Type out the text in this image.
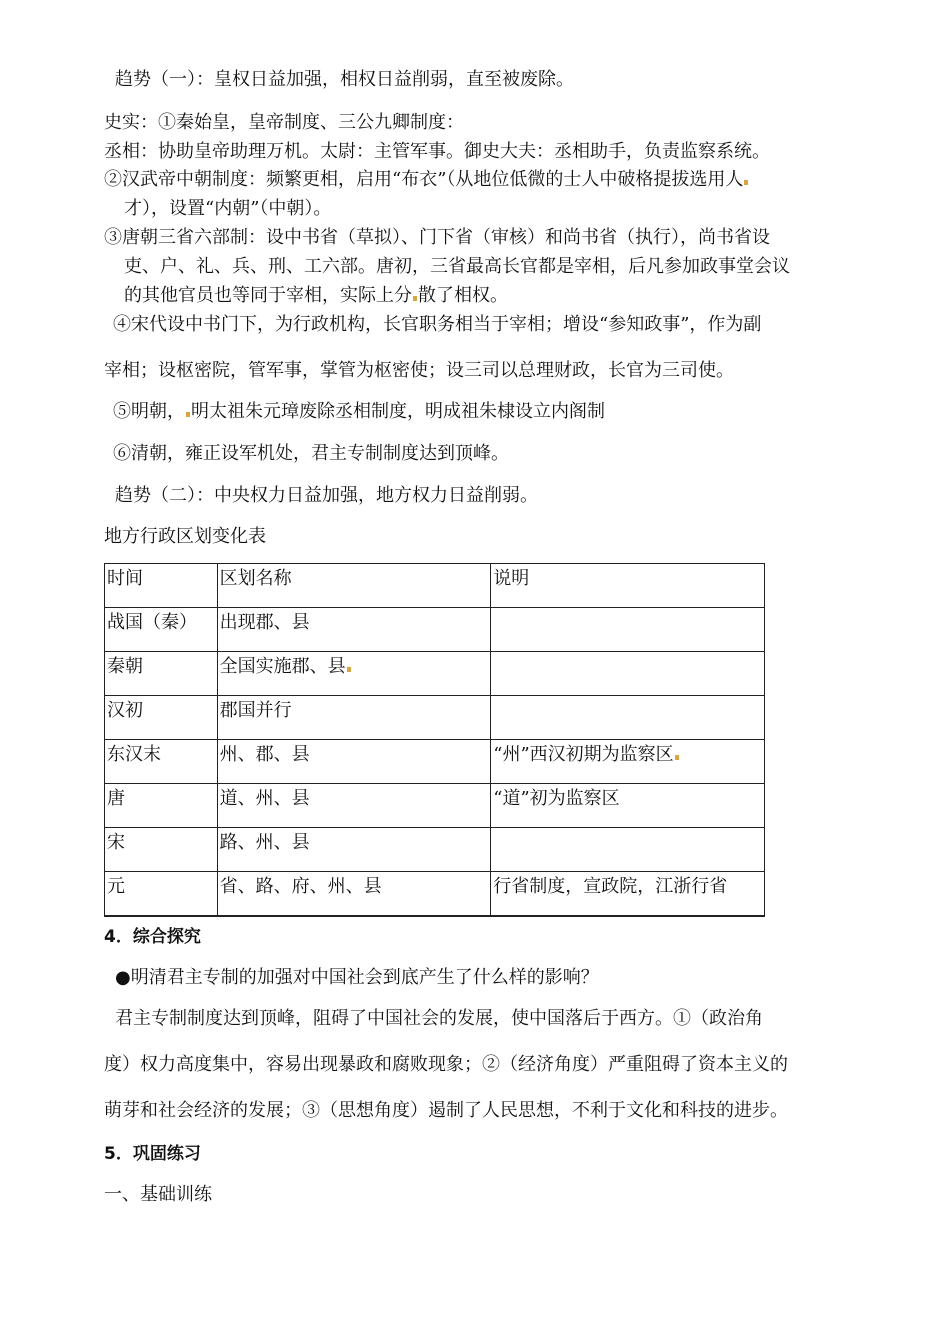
趋势（一）：皇权日益加强，相权日益削弱，直至被废除。
史实：①秦始皇，皇帝制度、三公九卿制度：
丞相：协助皇帝助理万机。太尉：主管军事。御史大夫：丞相助手，负责监察系统。
②汉武帝中朝制度：频繁更相，启用“布衣”（从地位低微的士人中破格提拔选用人
才），设置“内朝”（中朝）。
③唐朝三省六部制：设中书省（草拟）、门下省（审核）和尚书省（执行），尚书省设
吏、户、礼、兵、刑、工六部。唐初，三省最高长官都是宰相，后凡参加政事堂会议
的其他官员也等同于宰相，实际上分 散了相权。
④宋代设中书门下，为行政机构，长官职务相当于宰相；增设“参知政事”，作为副
宰相；设枢密院，管军事，掌管为枢密使；设三司以总理财政，长官为三司使。
⑤明朝， 明太祖朱元璋废除丞相制度，明成祖朱棣设立内阁制
⑥清朝，雍正设军机处，君主专制制度达到顶峰。
趋势（二）：中央权力日益加强，地方权力日益削弱。
地方行政区划变化表
时间	区划名称	说明
战国（秦）	出现郡、县	
秦朝	全国实施郡、县	
汉初	郡国并行	
东汉末	州、郡、县	“州”西汉初期为监察区
唐	道、州、县	“道”初为监察区
宋	路、州、县	
元	省、路、府、州、县	行省制度，宣政院，江浙行省
4．综合探究
●明清君主专制的加强对中国社会到底产生了什么样的影响？
君主专制制度达到顶峰，阻碍了中国社会的发展，使中国落后于西方。①（政治角
度）权力高度集中，容易出现暴政和腐败现象；②（经济角度）严重阻碍了资本主义的
萌芽和社会经济的发展；③（思想角度）遏制了人民思想，不利于文化和科技的进步。
5．巩固练习
一、基础训练
